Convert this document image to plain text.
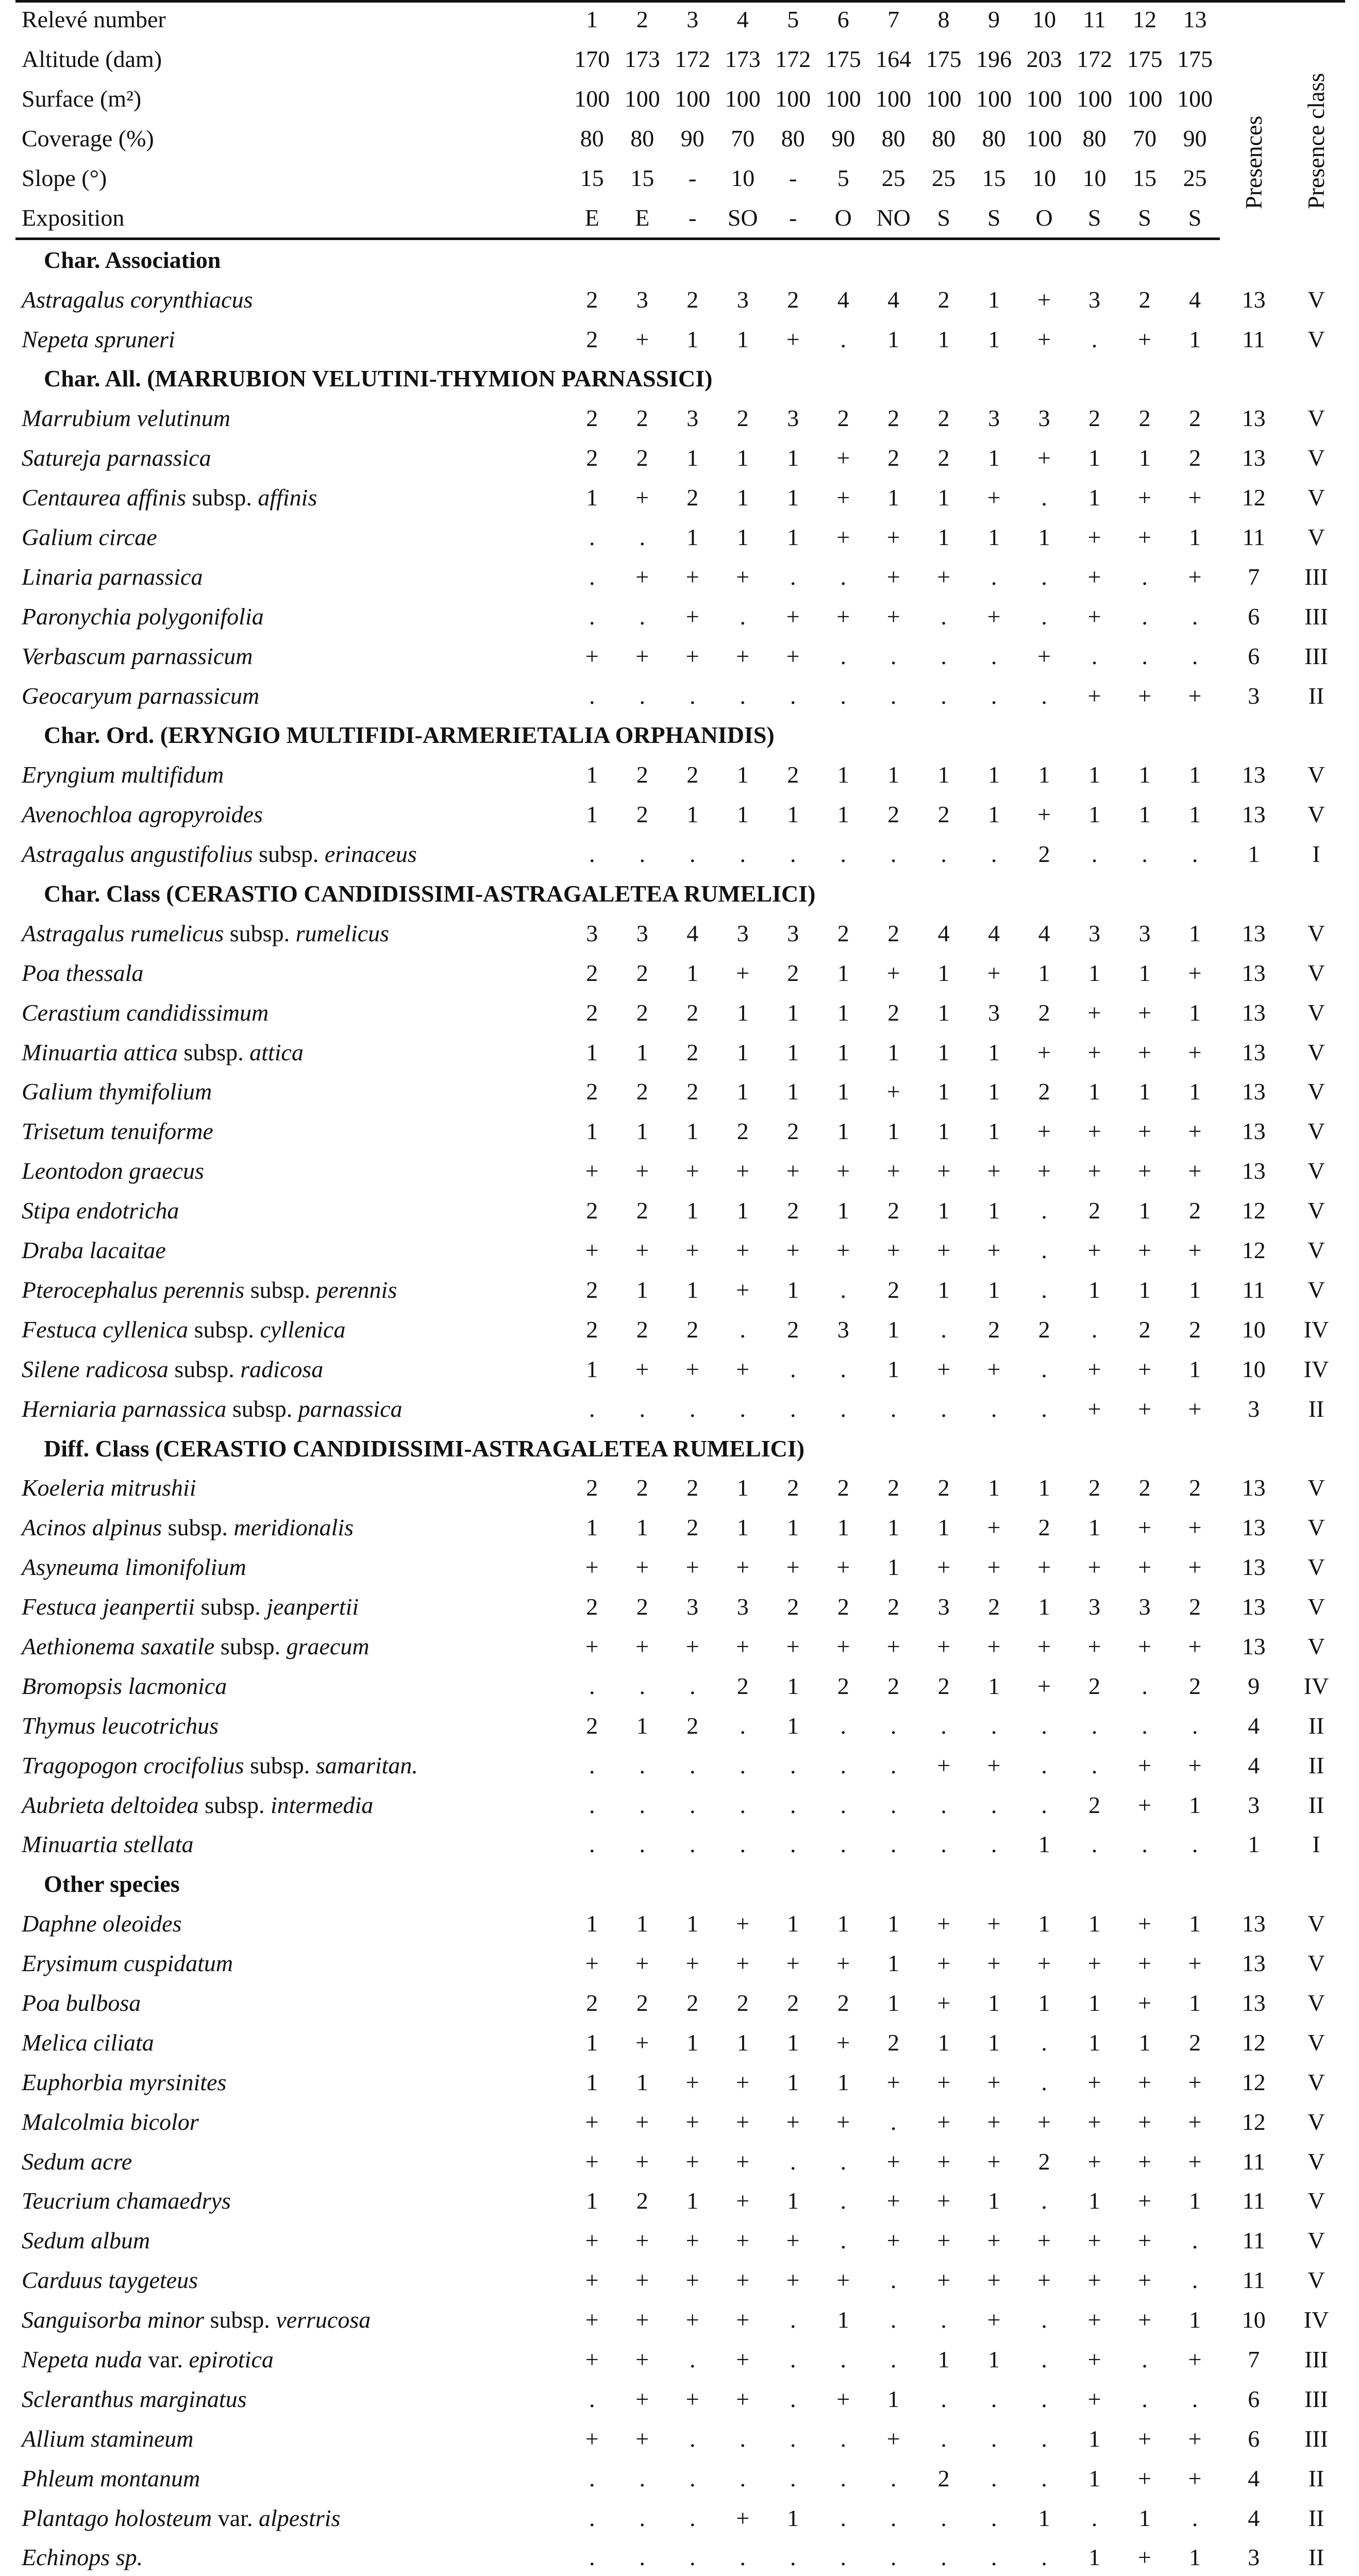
Relevé number	1	2	3	4	5	6	7	8	9	10	11	12	13	Presences	Presence class

Altitude (dam)	170	173	172	173	172	175	164	175	196	203	172	175	175		
Surface (m²)	100	100	100	100	100	100	100	100	100	100	100	100	100		
Coverage (%)	80	80	90	70	80	90	80	80	80	100	80	70	90		
Slope (°)	15	15	-	10	-	5	25	25	15	10	10	15	25		
Exposition	E	E	-	SO	-	O	NO	S	S	O	S	S	S		
Char. Association															
Astragalus corynthiacus	2	3	2	3	2	4	4	2	1	+	3	2	4	13	V
Nepeta spruneri	2	+	1	1	+	.	1	1	1	+	.	+	1	11	V
Char. All. (MARRUBION VELUTINI-THYMION PARNASSICI)															
Marrubium velutinum	2	2	3	2	3	2	2	2	3	3	2	2	2	13	V
Satureja parnassica	2	2	1	1	1	+	2	2	1	+	1	1	2	13	V
Centaurea affinis subsp. affinis	1	+	2	1	1	+	1	1	+	.	1	+	+	12	V
Galium circae	.	.	1	1	1	+	+	1	1	1	+	+	1	11	V
Linaria parnassica	.	+	+	+	.	.	+	+	.	.	+	.	+	7	III
Paronychia polygonifolia	.	.	+	.	+	+	+	.	+	.	+	.	.	6	III
Verbascum parnassicum	+	+	+	+	+	.	.	.	.	+	.	.	.	6	III
Geocaryum parnassicum	.	.	.	.	.	.	.	.	.	.	+	+	+	3	II
Char. Ord. (ERYNGIO MULTIFIDI-ARMERIETALIA ORPHANIDIS)															
Eryngium multifidum	1	2	2	1	2	1	1	1	1	1	1	1	1	13	V
Avenochloa agropyroides	1	2	1	1	1	1	2	2	1	+	1	1	1	13	V
Astragalus angustifolius subsp. erinaceus	.	.	.	.	.	.	.	.	.	2	.	.	.	1	I
Char. Class (CERASTIO CANDIDISSIMI-ASTRAGALETEA RUMELICI)															
Astragalus rumelicus subsp. rumelicus	3	3	4	3	3	2	2	4	4	4	3	3	1	13	V
Poa thessala	2	2	1	+	2	1	+	1	+	1	1	1	+	13	V
Cerastium candidissimum	2	2	2	1	1	1	2	1	3	2	+	+	1	13	V
Minuartia attica subsp. attica	1	1	2	1	1	1	1	1	1	+	+	+	+	13	V
Galium thymifolium	2	2	2	1	1	1	+	1	1	2	1	1	1	13	V
Trisetum tenuiforme	1	1	1	2	2	1	1	1	1	+	+	+	+	13	V
Leontodon graecus	+	+	+	+	+	+	+	+	+	+	+	+	+	13	V
Stipa endotricha	2	2	1	1	2	1	2	1	1	.	2	1	2	12	V
Draba lacaitae	+	+	+	+	+	+	+	+	+	.	+	+	+	12	V
Pterocephalus perennis subsp. perennis	2	1	1	+	1	.	2	1	1	.	1	1	1	11	V
Festuca cyllenica subsp. cyllenica	2	2	2	.	2	3	1	.	2	2	.	2	2	10	IV
Silene radicosa subsp. radicosa	1	+	+	+	.	.	1	+	+	.	+	+	1	10	IV
Herniaria parnassica subsp. parnassica	.	.	.	.	.	.	.	.	.	.	+	+	+	3	II
Diff. Class (CERASTIO CANDIDISSIMI-ASTRAGALETEA RUMELICI)															
Koeleria mitrushii	2	2	2	1	2	2	2	2	1	1	2	2	2	13	V
Acinos alpinus subsp. meridionalis	1	1	2	1	1	1	1	1	+	2	1	+	+	13	V
Asyneuma limonifolium	+	+	+	+	+	+	1	+	+	+	+	+	+	13	V
Festuca jeanpertii subsp. jeanpertii	2	2	3	3	2	2	2	3	2	1	3	3	2	13	V
Aethionema saxatile subsp. graecum	+	+	+	+	+	+	+	+	+	+	+	+	+	13	V
Bromopsis lacmonica	.	.	.	2	1	2	2	2	1	+	2	.	2	9	IV
Thymus leucotrichus	2	1	2	.	1	.	.	.	.	.	.	.	.	4	II
Tragopogon crocifolius subsp. samaritan.	.	.	.	.	.	.	.	+	+	.	.	+	+	4	II
Aubrieta deltoidea subsp. intermedia	.	.	.	.	.	.	.	.	.	.	2	+	1	3	II
Minuartia stellata	.	.	.	.	.	.	.	.	.	1	.	.	.	1	I
Other species															
Daphne oleoides	1	1	1	+	1	1	1	+	+	1	1	+	1	13	V
Erysimum cuspidatum	+	+	+	+	+	+	1	+	+	+	+	+	+	13	V
Poa bulbosa	2	2	2	2	2	2	1	+	1	1	1	+	1	13	V
Melica ciliata	1	+	1	1	1	+	2	1	1	.	1	1	2	12	V
Euphorbia myrsinites	1	1	+	+	1	1	+	+	+	.	+	+	+	12	V
Malcolmia bicolor	+	+	+	+	+	+	.	+	+	+	+	+	+	12	V
Sedum acre	+	+	+	+	.	.	+	+	+	2	+	+	+	11	V
Teucrium chamaedrys	1	2	1	+	1	.	+	+	1	.	1	+	1	11	V
Sedum album	+	+	+	+	+	.	+	+	+	+	+	+	.	11	V
Carduus taygeteus	+	+	+	+	+	+	.	+	+	+	+	+	.	11	V
Sanguisorba minor subsp. verrucosa	+	+	+	+	.	1	.	.	+	.	+	+	1	10	IV
Nepeta nuda var. epirotica	+	+	.	+	.	.	.	1	1	.	+	.	+	7	III
Scleranthus marginatus	.	+	+	+	.	+	1	.	.	.	+	.	.	6	III
Allium stamineum	+	+	.	.	.	.	+	.	.	.	1	+	+	6	III
Phleum montanum	.	.	.	.	.	.	.	2	.	.	1	+	+	4	II
Plantago holosteum var. alpestris	.	.	.	+	1	.	.	.	.	1	.	1	.	4	II
Echinops sp.	.	.	.	.	.	.	.	.	.	.	1	+	1	3	II
